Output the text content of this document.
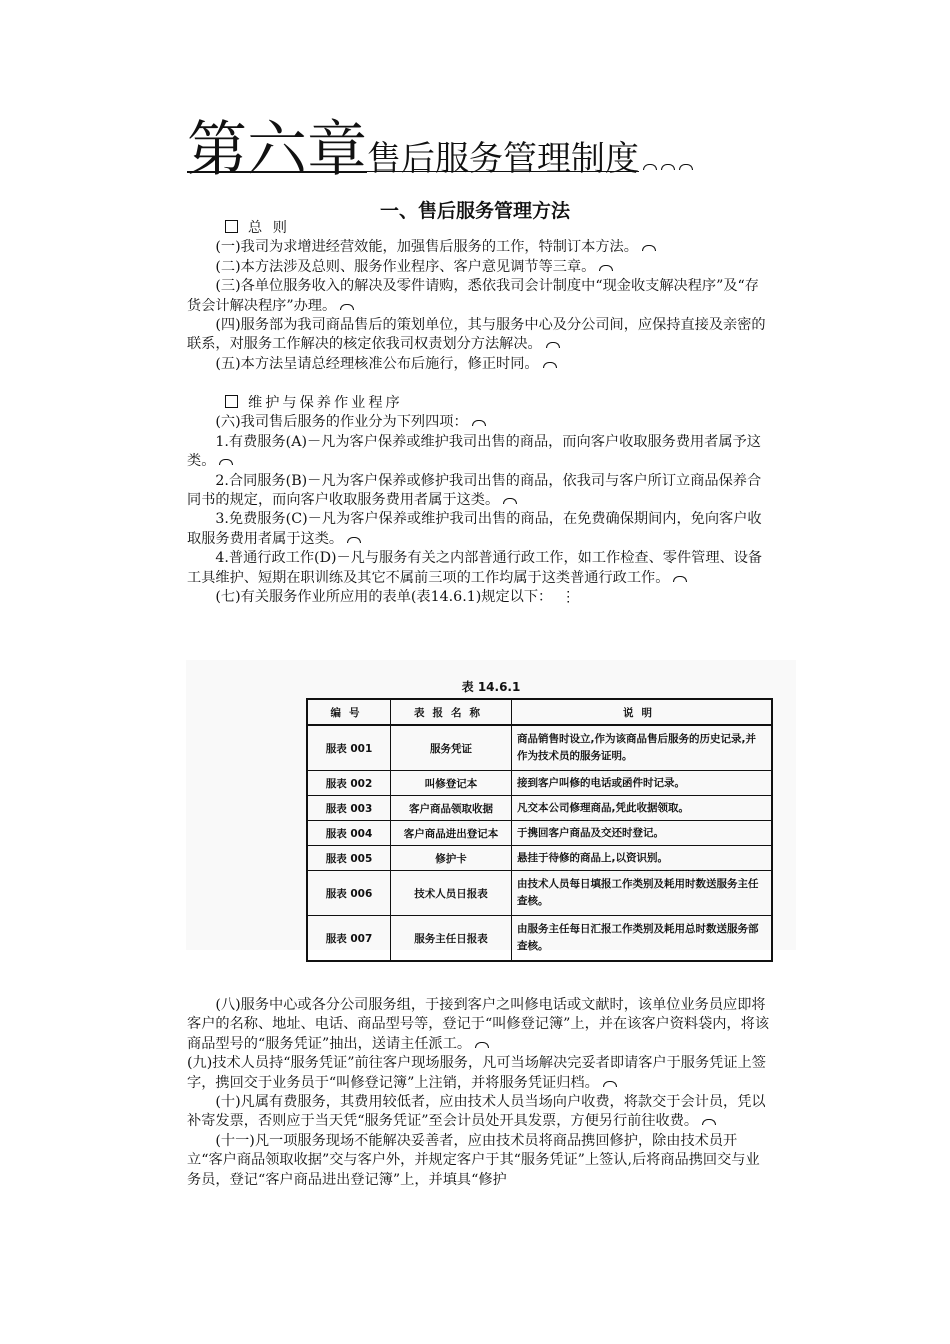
第六章售后服务管理制度
一、售后服务管理方法
总 则

(一)我司为求增进经营效能，加强售后服务的工作，特制订本方法。

(二)本方法涉及总则、服务作业程序、客户意见调节等三章。

(三)各单位服务收入的解决及零件请购，悉依我司会计制度中“现金收支解决程序”及“存货会计解决程序”办理。

(四)服务部为我司商品售后的策划单位，其与服务中心及分公司间，应保持直接及亲密的联系，对服务工作解决的核定依我司权责划分方法解决。

(五)本方法呈请总经理核准公布后施行，修正时同。

维护与保养作业程序

(六)我司售后服务的作业分为下列四项：

1.有费服务(A)－凡为客户保养或维护我司出售的商品，而向客户收取服务费用者属予这类。

2.合同服务(B)－凡为客户保养或修护我司出售的商品，依我司与客户所订立商品保养合同书的规定，而向客户收取服务费用者属于这类。

3.免费服务(C)－凡为客户保养或维护我司出售的商品，在免费确保期间内，免向客户收取服务费用者属于这类。

4.普通行政工作(D)－凡与服务有关之内部普通行政工作，如工作检查、零件管理、设备工具维护、短期在职训练及其它不属前三项的工作均属于这类普通行政工作。

(七)有关服务作业所应用的表单(表14.6.1)规定以下： ⋮

表 14.6.1
编号	表报名称	说明
服表 001	服务凭证	商品销售时设立,作为该商品售后服务的历史记录,并作为技术员的服务证明。
服表 002	叫修登记本	接到客户叫修的电话或函件时记录。
服表 003	客户商品领取收据	凡交本公司修理商品,凭此收据领取。
服表 004	客户商品进出登记本	于携回客户商品及交还时登记。
服表 005	修护卡	悬挂于待修的商品上,以资识别。
服表 006	技术人员日报表	由技术人员每日填报工作类别及耗用时数送服务主任查核。
服表 007	服务主任日报表	由服务主任每日汇报工作类别及耗用总时数送服务部查核。

(八)服务中心或各分公司服务组，于接到客户之叫修电话或文献时，该单位业务员应即将客户的名称、地址、电话、商品型号等，登记于“叫修登记簿”上，并在该客户资料袋内，将该商品型号的“服务凭证”抽出，送请主任派工。

(九)技术人员持“服务凭证”前往客户现场服务，凡可当场解决完妥者即请客户于服务凭证上签字，携回交于业务员于“叫修登记簿”上注销，并将服务凭证归档。

(十)凡属有费服务，其费用较低者，应由技术人员当场向户收费，将款交于会计员，凭以补寄发票，否则应于当天凭“服务凭证”至会计员处开具发票，方便另行前往收费。

(十一)凡一项服务现场不能解决妥善者，应由技术员将商品携回修护，除由技术员开立“客户商品领取收据”交与客户外，并规定客户于其“服务凭证”上签认,后将商品携回交与业务员，登记“客户商品进出登记簿”上，并填具“修护
